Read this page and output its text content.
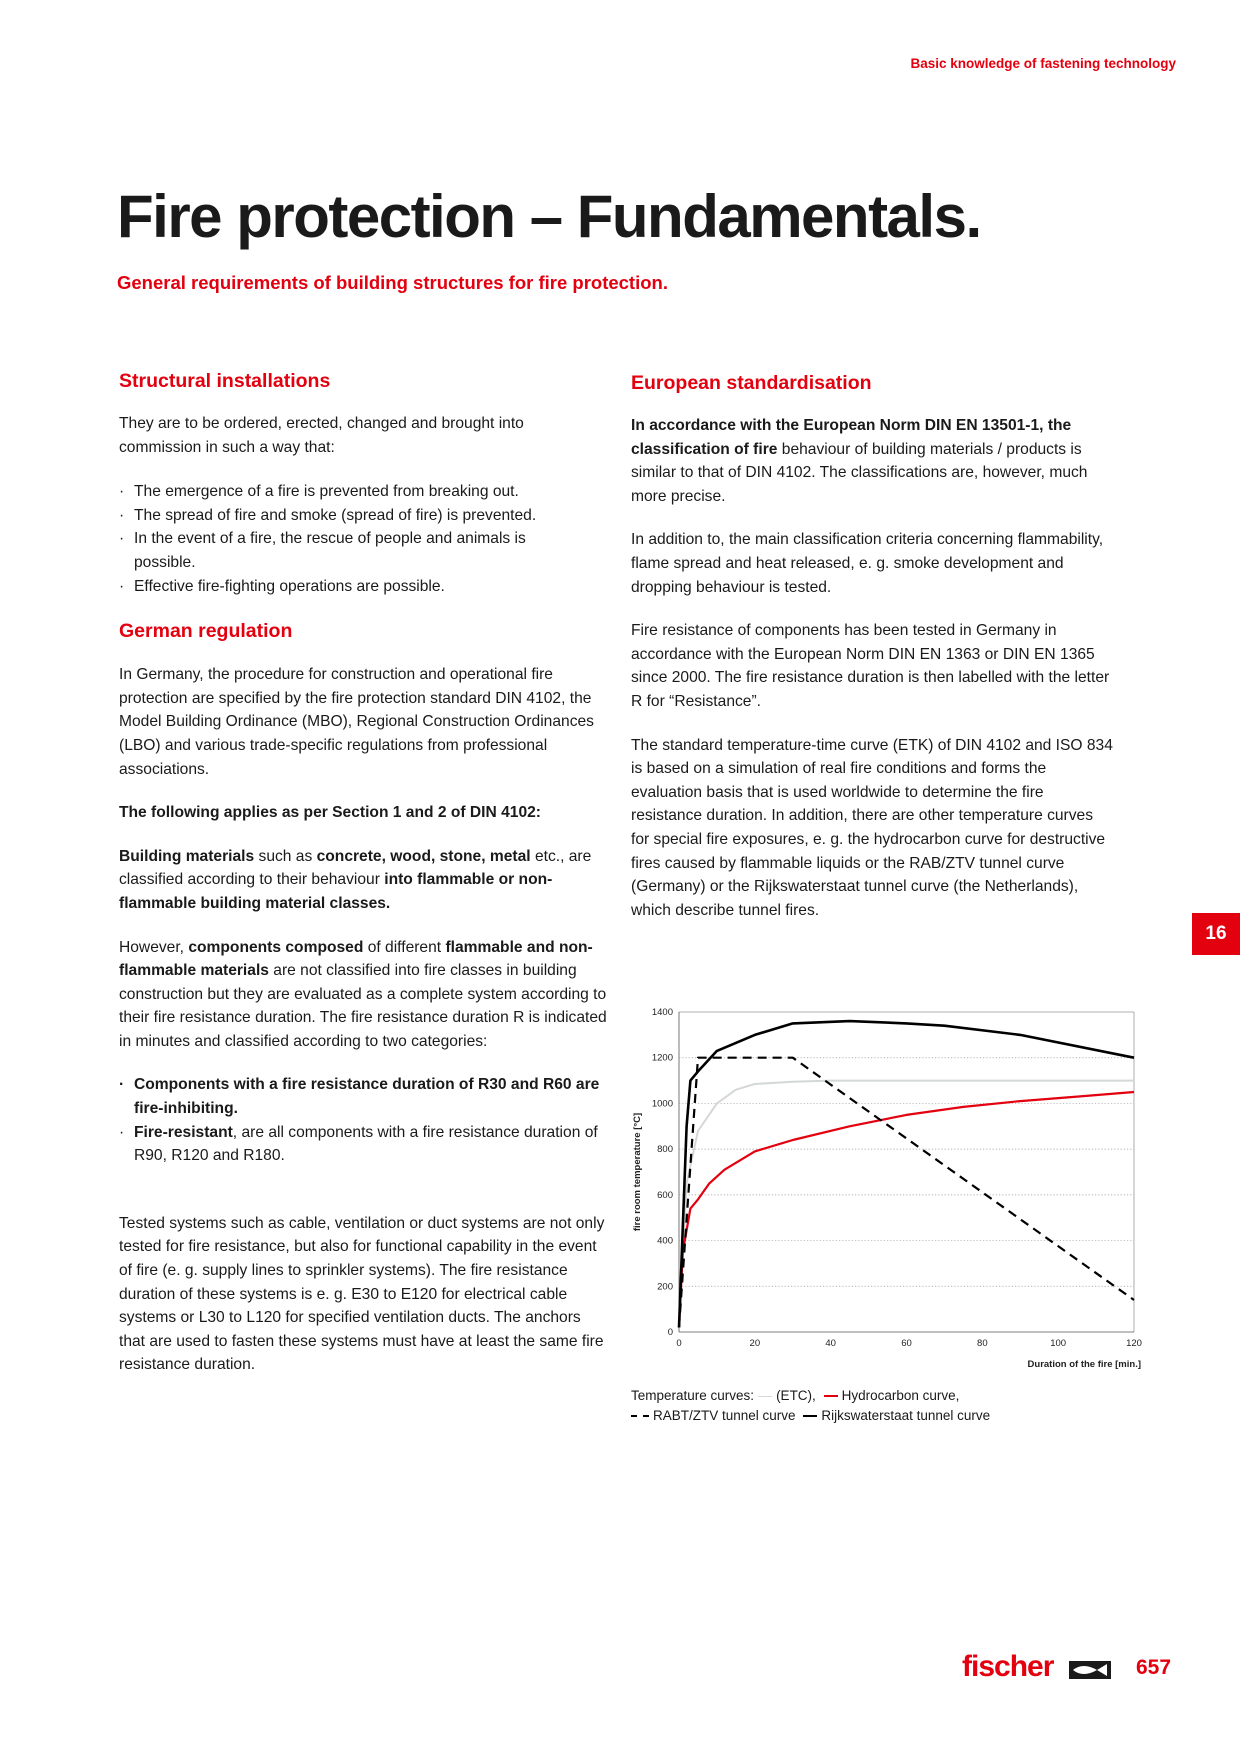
Basic knowledge of fastening technology
Fire protection – Fundamentals.
General requirements of building structures for fire protection.
Structural installations

They are to be ordered, erected, changed and brought into commission in such a way that:

· The emergence of a fire is prevented from breaking out.
· The spread of fire and smoke (spread of fire) is prevented.
· In the event of a fire, the rescue of people and animals is possible.
· Effective fire-fighting operations are possible.
German regulation

In Germany, the procedure for construction and operational fire protection are specified by the fire protection standard DIN 4102, the Model Building Ordinance (MBO), Regional Construction Ordinances (LBO) and various trade-specific regulations from professional associations.

The following applies as per Section 1 and 2 of DIN 4102:

Building materials such as concrete, wood, stone, metal etc., are classified according to their behaviour into flammable or non-flammable building material classes.

However, components composed of different flammable and non-flammable materials are not classified into fire classes in building construction but they are evaluated as a complete system according to their fire resistance duration. The fire resistance duration R is indicated in minutes and classified according to two categories:

· Components with a fire resistance duration of R30 and R60 are fire-inhibiting.
· Fire-resistant, are all components with a fire resistance duration of R90, R120 and R180.

Tested systems such as cable, ventilation or duct systems are not only tested for fire resistance, but also for functional capability in the event of fire (e. g. supply lines to sprinkler systems). The fire resistance duration of these systems is e. g. E30 to E120 for electrical cable systems or L30 to L120 for specified ventilation ducts. The anchors that are used to fasten these systems must have at least the same fire resistance duration.

European standardisation

In accordance with the European Norm DIN EN 13501-1, the classification of fire behaviour of building materials / products is similar to that of DIN 4102. The classifications are, however, much more precise.

In addition to, the main classification criteria concerning flammability, flame spread and heat released, e. g. smoke development and dropping behaviour is tested.

Fire resistance of components has been tested in Germany in accordance with the European Norm DIN EN 1363 or DIN EN 1365 since 2000. The fire resistance duration is then labelled with the letter R for “Resistance”.

The standard temperature-time curve (ETK) of DIN 4102 and ISO 834 is based on a simulation of real fire conditions and forms the evaluation basis that is used worldwide to determine the fire resistance duration. In addition, there are other temperature curves for special fire exposures, e. g. the hydrocarbon curve for destructive fires caused by flammable liquids or the RAB/ZTV tunnel curve (Germany) or the Rijkswaterstaat tunnel curve (the Netherlands), which describe tunnel fires.

16
0
200
400
600
800
1000
1200
1400
0	20	40	60	80	100	120
fire room temperature [°C]
Duration of the fire [min.]
Temperature curves: (ETC), Hydrocarbon curve,
RABT/ZTV tunnel curve Rijkswaterstaat tunnel curve
fischer	657
